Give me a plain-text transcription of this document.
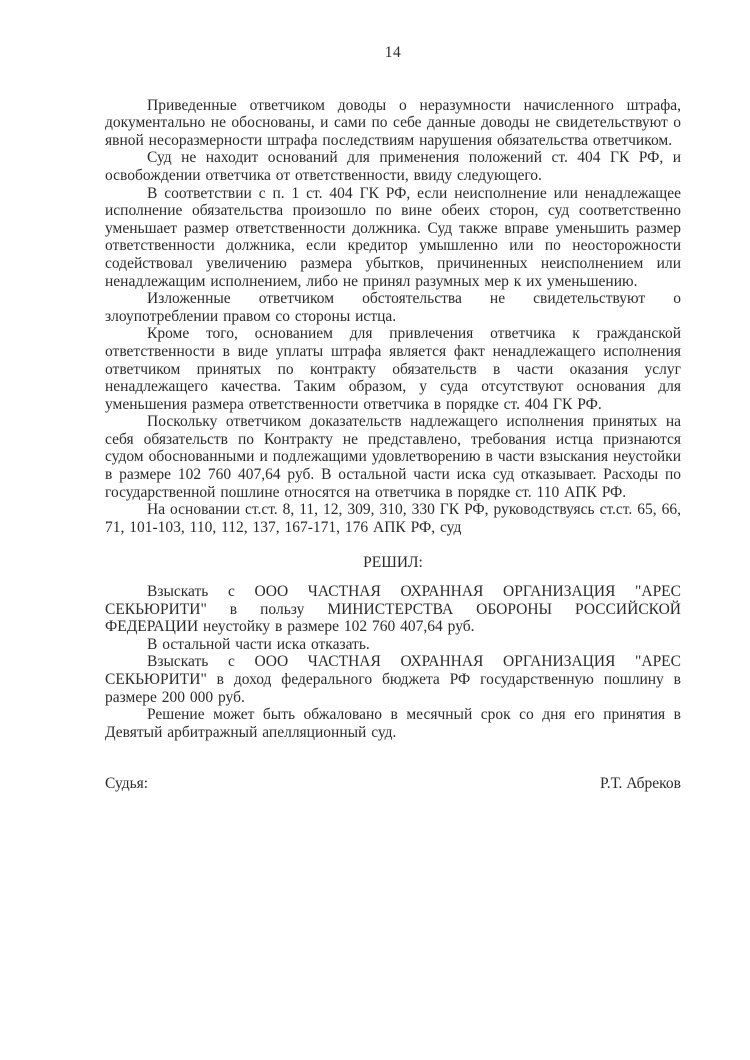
14

Приведенные ответчиком доводы о неразумности начисленного штрафа, документально не обоснованы, и сами по себе данные доводы не свидетельствуют о явной несоразмерности штрафа последствиям нарушения обязательства ответчиком.

Суд не находит оснований для применения положений ст. 404 ГК РФ, и освобождении ответчика от ответственности, ввиду следующего.

В соответствии с п. 1 ст. 404 ГК РФ, если неисполнение или ненадлежащее исполнение обязательства произошло по вине обеих сторон, суд соответственно уменьшает размер ответственности должника. Суд также вправе уменьшить размер ответственности должника, если кредитор умышленно или по неосторожности содействовал увеличению размера убытков, причиненных неисполнением или ненадлежащим исполнением, либо не принял разумных мер к их уменьшению.

Изложенные ответчиком обстоятельства не свидетельствуют о злоупотреблении правом со стороны истца.

Кроме того, основанием для привлечения ответчика к гражданской ответственности в виде уплаты штрафа является факт ненадлежащего исполнения ответчиком принятых по контракту обязательств в части оказания услуг ненадлежащего качества. Таким образом, у суда отсутствуют основания для уменьшения размера ответственности ответчика в порядке ст. 404 ГК РФ.

Поскольку ответчиком доказательств надлежащего исполнения принятых на себя обязательств по Контракту не представлено, требования истца признаются судом обоснованными и подлежащими удовлетворению в части взыскания неустойки в размере 102 760 407,64 руб. В остальной части иска суд отказывает. Расходы по государственной пошлине относятся на ответчика в порядке ст. 110 АПК РФ.

На основании ст.ст. 8, 11, 12, 309, 310, 330 ГК РФ, руководствуясь ст.ст. 65, 66, 71, 101-103, 110, 112, 137, 167-171, 176 АПК РФ, суд

РЕШИЛ:

Взыскать с ООО ЧАСТНАЯ ОХРАННАЯ ОРГАНИЗАЦИЯ "АРЕС СЕКЬЮРИТИ" в пользу МИНИСТЕРСТВА ОБОРОНЫ РОССИЙСКОЙ ФЕДЕРАЦИИ неустойку в размере 102 760 407,64 руб.

В остальной части иска отказать.

Взыскать с ООО ЧАСТНАЯ ОХРАННАЯ ОРГАНИЗАЦИЯ "АРЕС СЕКЬЮРИТИ" в доход федерального бюджета РФ государственную пошлину в размере 200 000 руб.

Решение может быть обжаловано в месячный срок со дня его принятия в Девятый арбитражный апелляционный суд.

Судья:	Р.Т. Абреков
